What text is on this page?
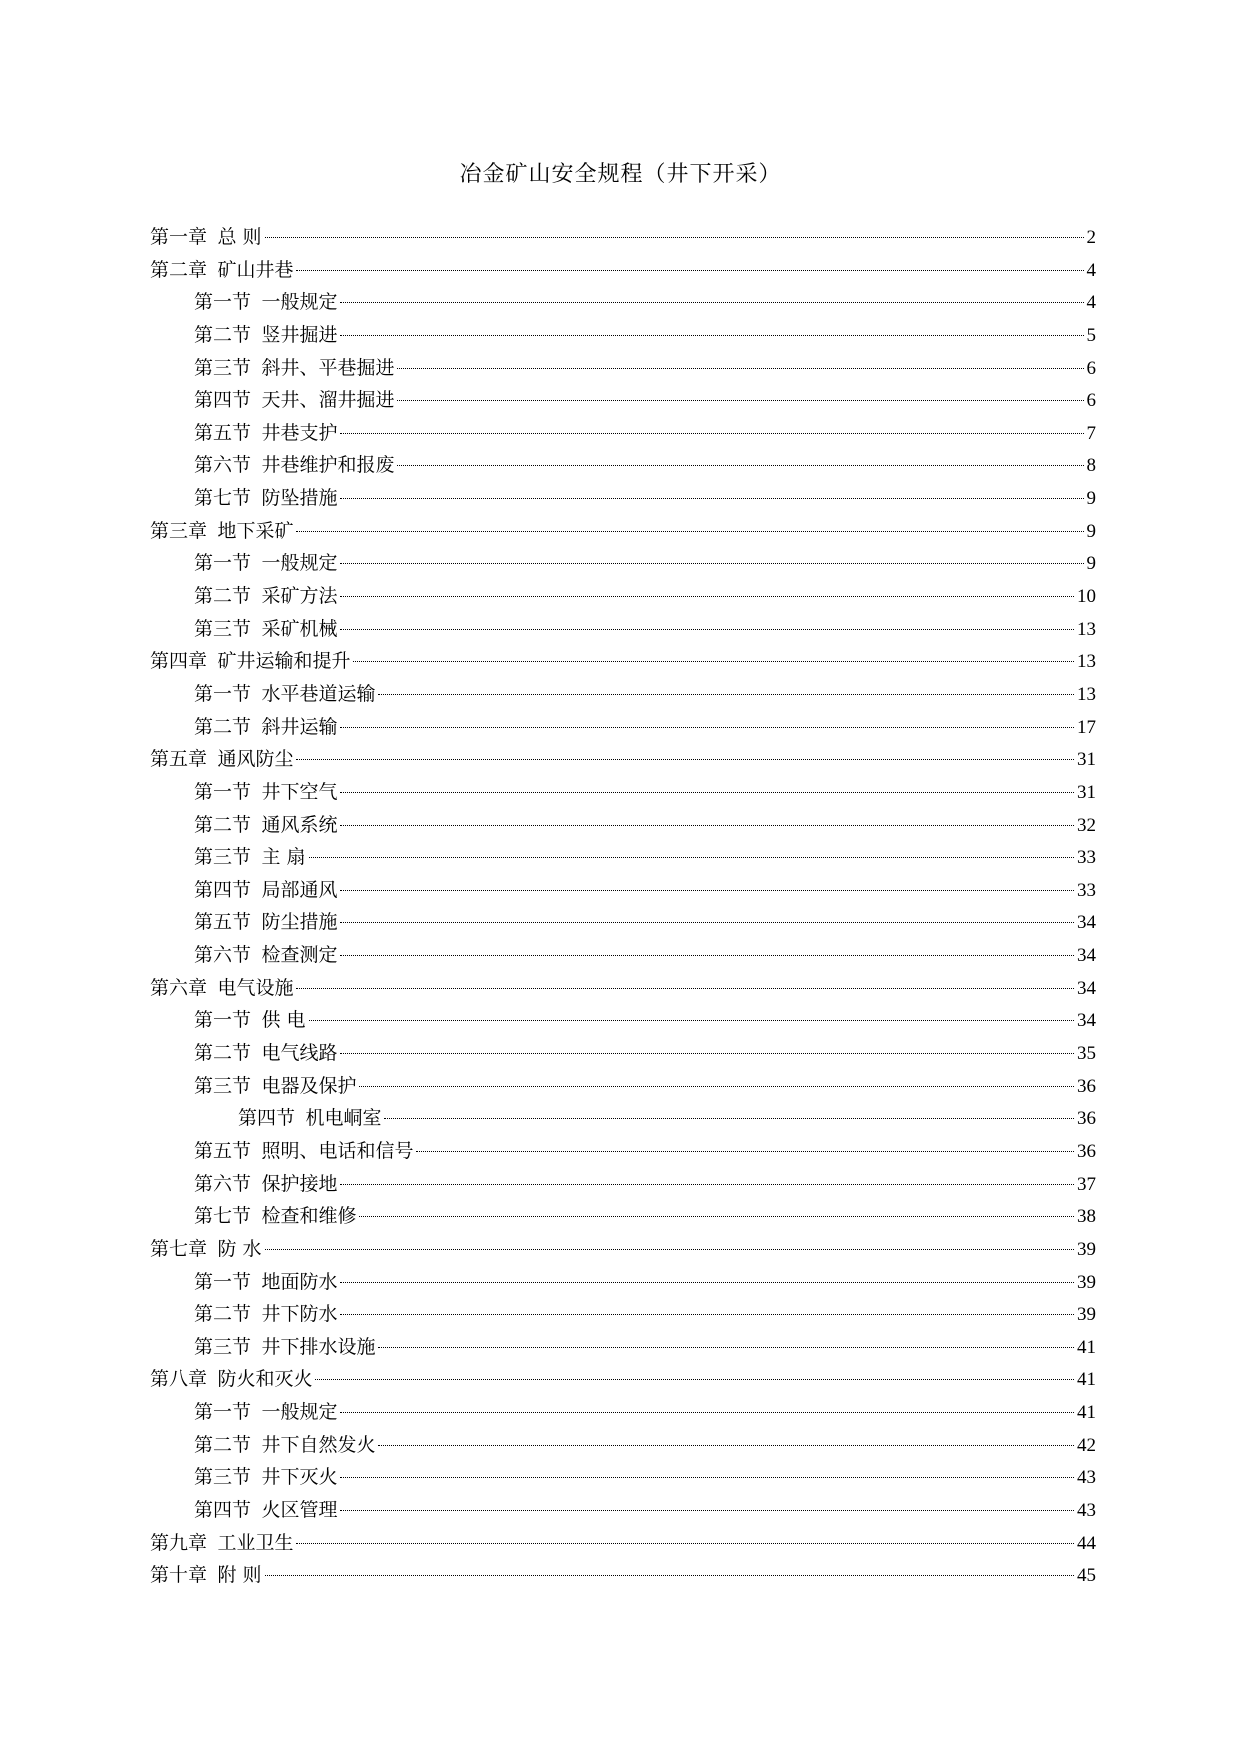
冶金矿山安全规程（井下开采）
第一章 总 则	2
第二章 矿山井巷	4
第一节 一般规定	4
第二节 竖井掘进	5
第三节 斜井、平巷掘进	6
第四节 天井、溜井掘进	6
第五节 井巷支护	7
第六节 井巷维护和报废	8
第七节 防坠措施	9
第三章 地下采矿	9
第一节 一般规定	9
第二节 采矿方法	10
第三节 采矿机械	13
第四章 矿井运输和提升	13
第一节 水平巷道运输	13
第二节 斜井运输	17
第五章 通风防尘	31
第一节 井下空气	31
第二节 通风系统	32
第三节 主 扇	33
第四节 局部通风	33
第五节 防尘措施	34
第六节 检查测定	34
第六章 电气设施	34
第一节 供 电	34
第二节 电气线路	35
第三节 电器及保护	36
第四节 机电峒室	36
第五节 照明、电话和信号	36
第六节 保护接地	37
第七节 检查和维修	38
第七章 防 水	39
第一节 地面防水	39
第二节 井下防水	39
第三节 井下排水设施	41
第八章 防火和灭火	41
第一节 一般规定	41
第二节 井下自然发火	42
第三节 井下灭火	43
第四节 火区管理	43
第九章 工业卫生	44
第十章 附 则	45
